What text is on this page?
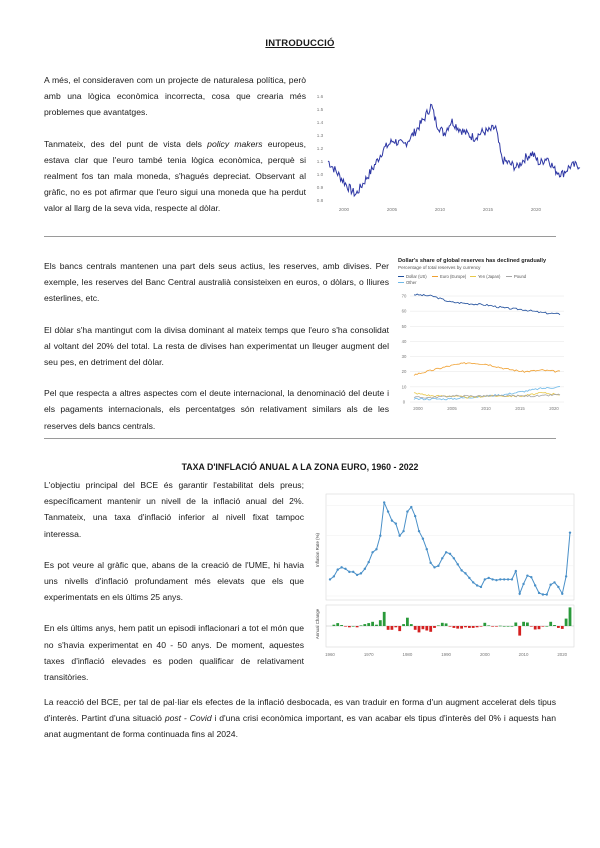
INTRODUCCIÓ

A més, el consideraven com un projecte de naturalesa política, però amb una lògica econòmica incorrecta, cosa que crearia més problemes que avantatges.

Tanmateix, des del punt de vista dels policy makers europeus, estava clar que l'euro també tenia lògica econòmica, perquè si realment fos tan mala moneda, s'hagués depreciat. Observant al gràfic, no es pot afirmar que l'euro sigui una moneda que ha perdut valor al llarg de la seva vida, respecte al dòlar.

1.6
1.5
1.4
1.3
1.2
1.1
1.0
0.9
0.8
2000	2005	2010	2015	2020

Els bancs centrals mantenen una part dels seus actius, les reserves, amb divises. Per exemple, les reserves del Banc Central australià consisteixen en euros, o dòlars, o lliures esterlines, etc.

El dòlar s'ha mantingut com la divisa dominant al mateix temps que l'euro s'ha consolidat al voltant del 20% del total. La resta de divises han experimentat un lleuger augment del seu pes, en detriment del dòlar.

Pel que respecta a altres aspectes com el deute internacional, la denominació del deute i els pagaments internacionals, els percentatges són relativament similars als de les reserves dels bancs centrals.

Dollar's share of global reserves has declined gradually
Percentage of total reserves by currency
Dollar (US)	Euro (Europe)	Yen (Japan)	Pound
Other
70
60
50
40
30
20
10
0
2000	2005	2010	2015	2020
TAXA D'INFLACIÓ ANUAL A LA ZONA EURO, 1960 - 2022

L'objectiu principal del BCE és garantir l'estabilitat dels preus; específicament mantenir un nivell de la inflació anual del 2%. Tanmateix, una taxa d'inflació inferior al nivell fixat tampoc interessa.

Es pot veure al gràfic que, abans de la creació de l'UME, hi havia uns nivells d'inflació profundament més elevats que els que experimentats en els últims 25 anys.

En els últims anys, hem patit un episodi inflacionari a tot el món que no s'havia experimentat en 40 - 50 anys. De moment, aquestes taxes d'inflació elevades es poden qualificar de relativament transitòries.

Inflation Rate (%)
Annual Change
1960	1970	1980	1990	2000	2010	2020

La reacció del BCE, per tal de pal·liar els efectes de la inflació desbocada, es van traduir en forma d'un augment accelerat dels tipus d'interès. Partint d'una situació post - Covid i d'una crisi econòmica important, es van acabar els tipus d'interès del 0% i aquests han anat augmentant de forma continuada fins al 2024.
